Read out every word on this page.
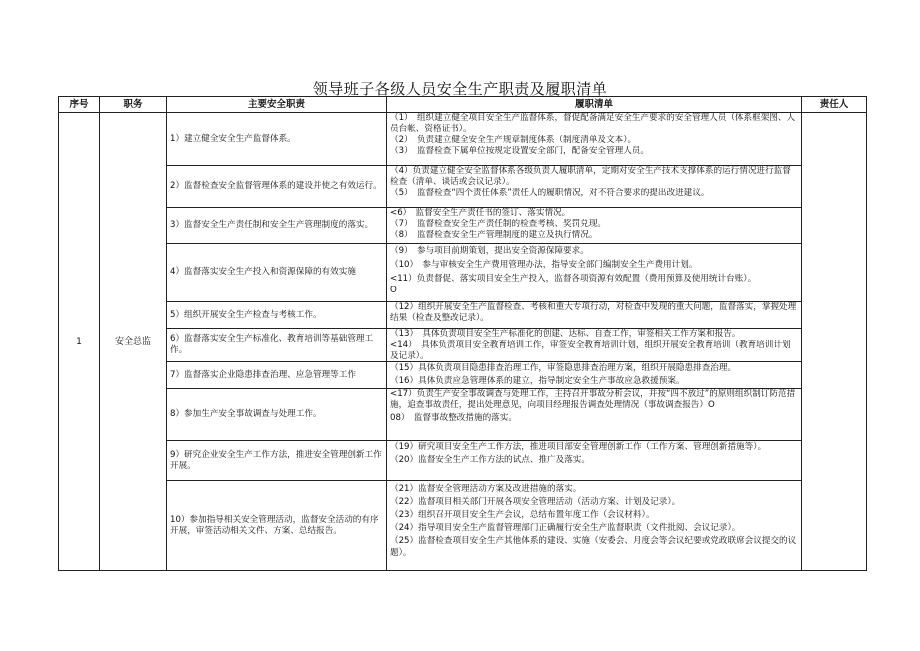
领导班子各级人员安全生产职责及履职清单
序号	职务	主要安全职责	履职清单	责任人
1	安全总监	1）建立健全安全生产监督体系。	（1）　组织建立健全项目安全生产监督体系，督促配备满足安全生产要求的安全管理人员（体系框架图、人员台帐、资格证书）。
（2）　负责建立健全安全生产规章制度体系（制度清单及文本）。
（3）　监督检查下属单位按规定设置安全部门，配备安全管理人员。	

		2）监督检查安全监督管理体系的建设并使之有效运行。	（4）负责建立健全安全监督体系各级负责人履职清单，定期对安全生产技术支撑体系的运行情况进行监督检查（清单、谈话或会议记录）。
（5）　监督检查“四个责任体系”责任人的履职情况，对不符合要求的提出改进建议。	

		3）监督安全生产责任制和安全生产管理制度的落实。	<6）　监督安全生产责任书的签订、落实情况。
（7）　监督检查安全生产责任制的检查考核、奖罚兑现。
（8）　监督检查安全生产管理制度的建立及执行情况。	

		4）监督落实安全生产投入和资源保障的有效实施	（9）　参与项目前期策划，提出安全资源保障要求。
（10）　参与审核安全生产费用管理办法，指导安全部门编制安全生产费用计划。
<11）负责督促、落实项目安全生产投入，监督各项资源有效配置（费用预算及使用统计台账）。
O	

		5）组织开展安全生产检查与考核工作。	（12）组织开展安全生产监督检查、考核和重大专项行动，对检查中发现的重大问题，监督落实，掌握处理结果（检查及整改记录）。	

		6）监督落实安全生产标准化、教育培训等基础管理工作。	（13）　具体负责项目安全生产标准化的创建、达标、自查工作，审签相关工作方案和报告。
<14）　具体负责项目安全教育培训工作，审签安全教育培训计划，组织开展安全教育培训（教育培训计划及记录）。	

		7）监督落实企业隐患排查治理、应急管理等工作	（15）具体负责项目隐患排查治理工作，审签隐患排查治理方案，组织开展隐患排查治理。
（16）具体负责应急管理体系的建立，指导制定安全生产事故应急救援预案。	

		8）参加生产安全事故调查与处理工作。	<17）负责生产安全事故调查与处理工作，主持召开事故分析会议，并按“四不放过”的原则组织制订防范措施，追查事故责任，提出处理意见，向项目经理报告调查处理情况（事故调查报告）O
08）　监督事故整改措施的落实。	

		9）研究企业安全生产工作方法，推进安全管理创新工作开展。	（19）研究项目安全生产工作方法，推进项目部安全管理创新工作（工作方案、管理创新措施等）。
（20）监督安全生产工作方法的试点、推广及落实。	

		10）参加指导相关安全管理活动，监督安全活动的有序开展，审签活动相关文件、方案、总结报告。	（21）监督安全管理活动方案及改进措施的落实。
（22）监督项目相关部门开展各项安全管理活动（活动方案、计划及记录）。
（23）组织召开项目安全生产会议，总结布置年度工作（会议材料）。
（24）指导项目安全生产监督管理部门正确履行安全生产监督职责（文件批阅、会议记录）。
（25）监督检查项目安全生产其他体系的建设、实施（安委会、月度会等会议纪要或党政联席会议提交的议题）。	
